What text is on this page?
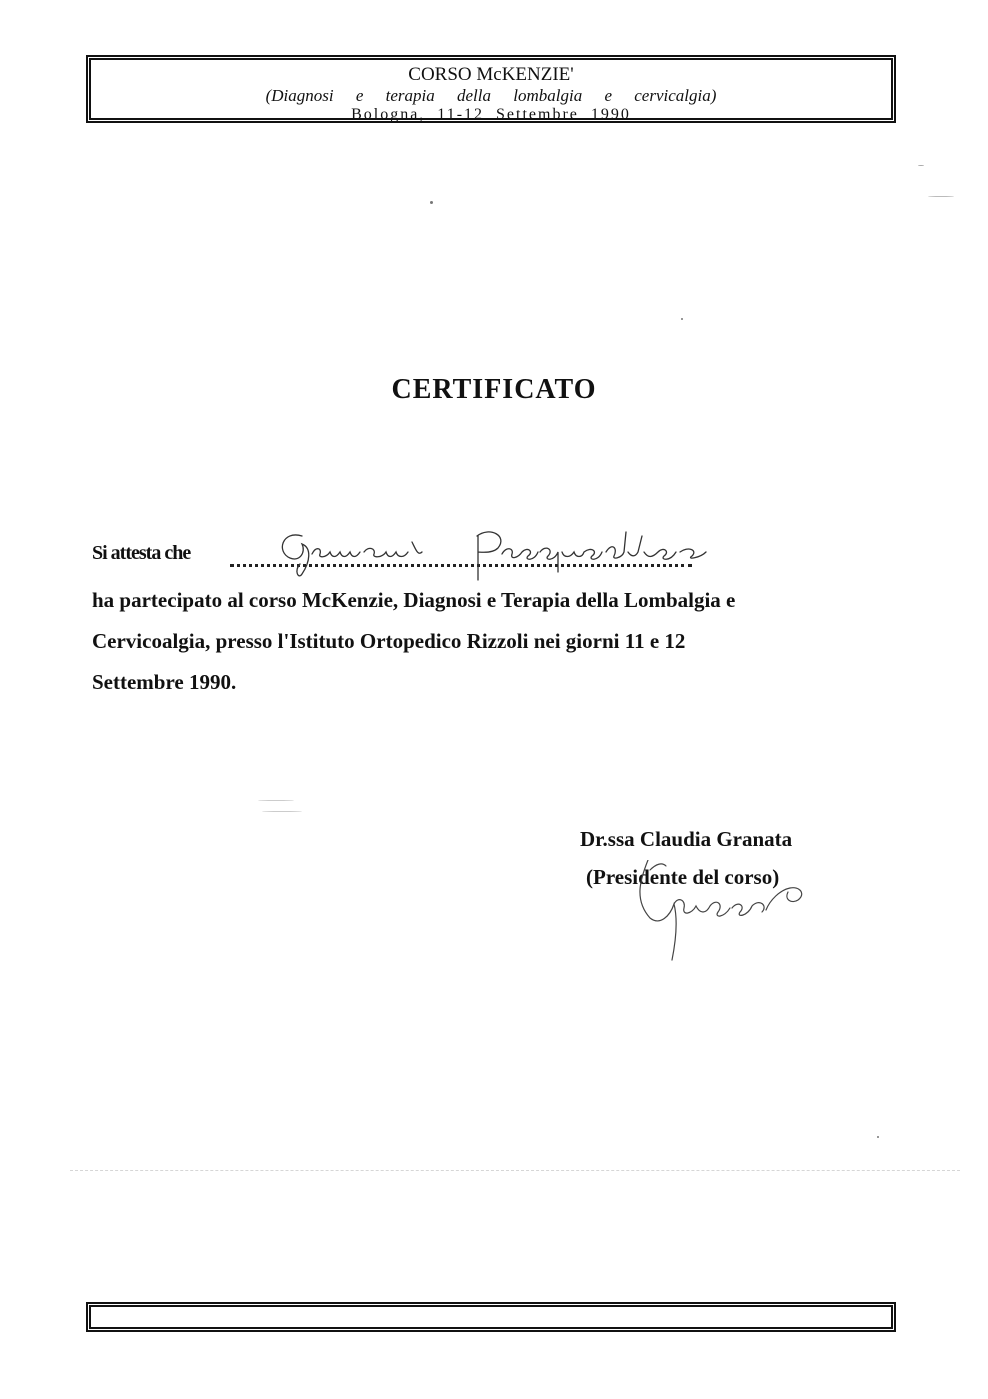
CORSO McKENZIE'
(Diagnosi e terapia della lombalgia e cervicalgia)
Bologna, 11-12 Settembre 1990
CERTIFICATO
Si attesta che
ha partecipato al corso McKenzie, Diagnosi e Terapia della Lombalgia e
Cervicoalgia, presso l'Istituto Ortopedico Rizzoli nei giorni 11 e 12
Settembre 1990.
Dr.ssa Claudia Granata
(Presidente del corso)
